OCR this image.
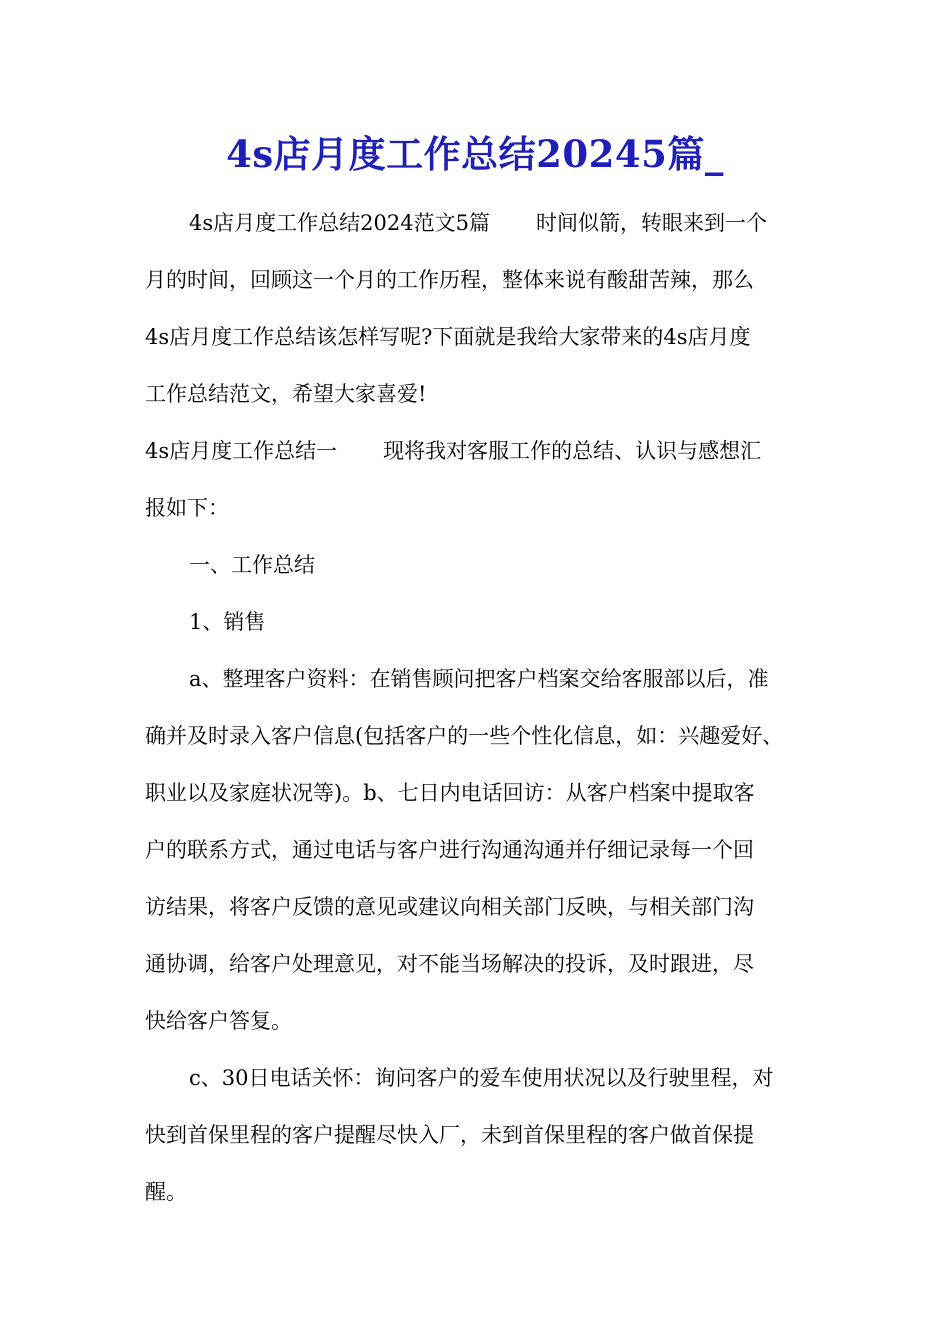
4s店月度工作总结20245篇_
4s店月度工作总结2024范文5篇 时间似箭，转眼来到一个
月的时间，回顾这一个月的工作历程，整体来说有酸甜苦辣，那么
4s店月度工作总结该怎样写呢?下面就是我给大家带来的4s店月度
工作总结范文，希望大家喜爱!
4s店月度工作总结一 现将我对客服工作的总结、认识与感想汇
报如下：
一、工作总结
1、销售
a、整理客户资料：在销售顾问把客户档案交给客服部以后，准
确并及时录入客户信息(包括客户的一些个性化信息，如：兴趣爱好、
职业以及家庭状况等)。b、七日内电话回访：从客户档案中提取客
户的联系方式，通过电话与客户进行沟通沟通并仔细记录每一个回
访结果，将客户反馈的意见或建议向相关部门反映，与相关部门沟
通协调，给客户处理意见，对不能当场解决的投诉，及时跟进，尽
快给客户答复。
c、30日电话关怀：询问客户的爱车使用状况以及行驶里程，对
快到首保里程的客户提醒尽快入厂，未到首保里程的客户做首保提
醒。
